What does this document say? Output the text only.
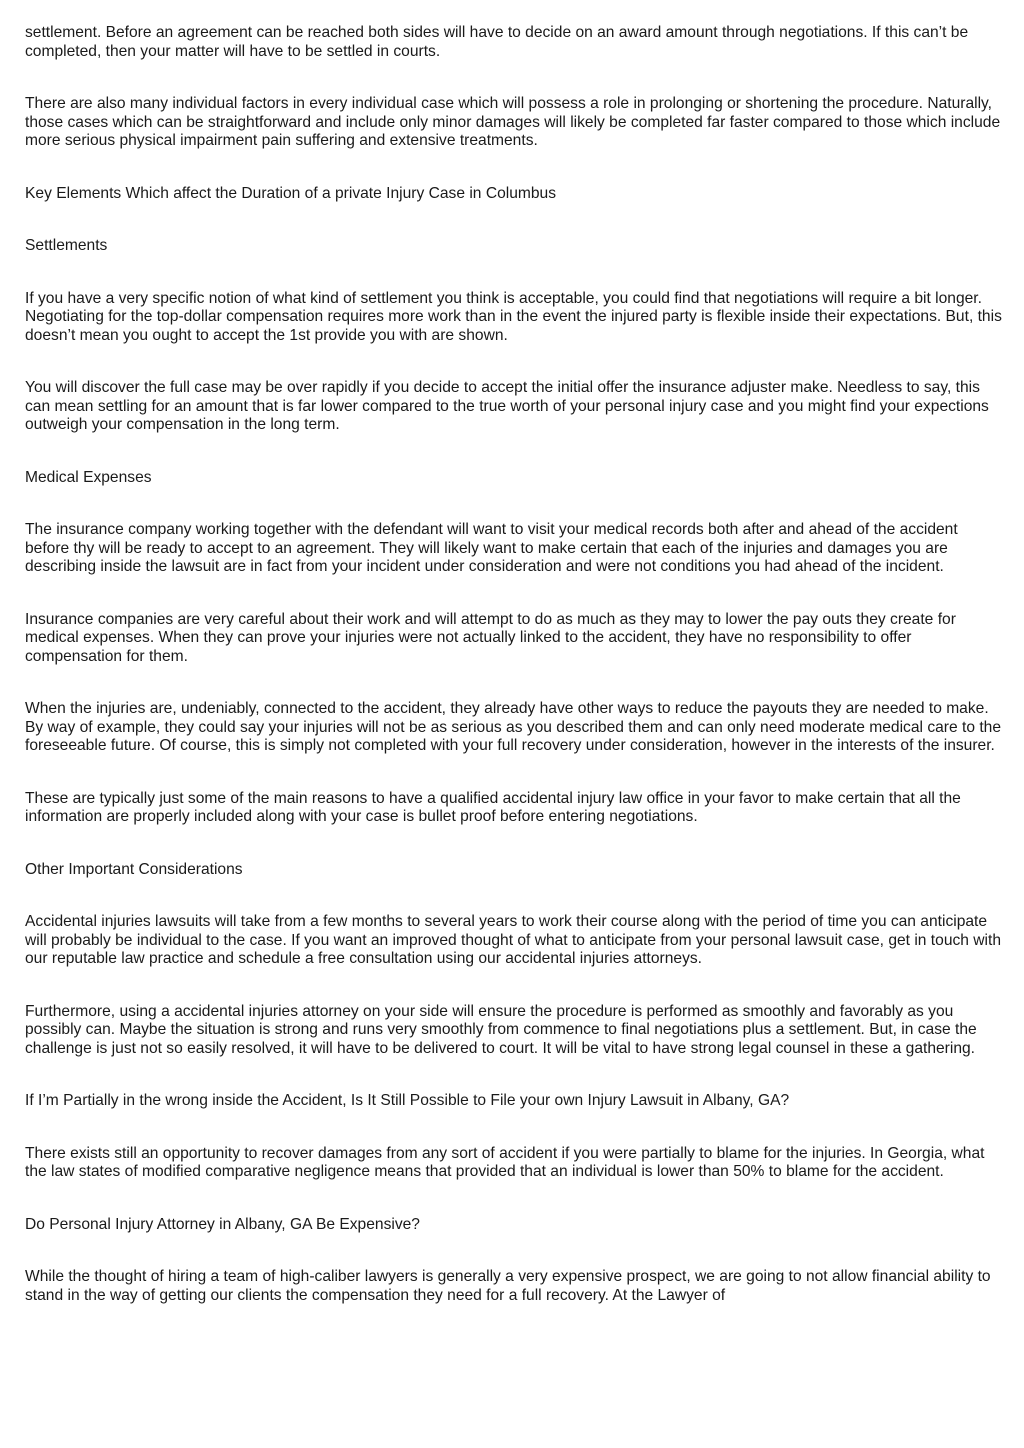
settlement. Before an agreement can be reached both sides will have to decide on an award amount through negotiations. If this can’t be completed, then your matter will have to be settled in courts.

There are also many individual factors in every individual case which will possess a role in prolonging or shortening the procedure. Naturally, those cases which can be straightforward and include only minor damages will likely be completed far faster compared to those which include more serious physical impairment pain suffering and extensive treatments.

Key Elements Which affect the Duration of a private Injury Case in Columbus

Settlements

If you have a very specific notion of what kind of settlement you think is acceptable, you could find that negotiations will require a bit longer. Negotiating for the top-dollar compensation requires more work than in the event the injured party is flexible inside their expectations. But, this doesn’t mean you ought to accept the 1st provide you with are shown.

You will discover the full case may be over rapidly if you decide to accept the initial offer the insurance adjuster make. Needless to say, this can mean settling for an amount that is far lower compared to the true worth of your personal injury case and you might find your expections outweigh your compensation in the long term.

Medical Expenses

The insurance company working together with the defendant will want to visit your medical records both after and ahead of the accident before thy will be ready to accept to an agreement. They will likely want to make certain that each of the injuries and damages you are describing inside the lawsuit are in fact from your incident under consideration and were not conditions you had ahead of the incident.

Insurance companies are very careful about their work and will attempt to do as much as they may to lower the pay outs they create for medical expenses. When they can prove your injuries were not actually linked to the accident, they have no responsibility to offer compensation for them.

When the injuries are, undeniably, connected to the accident, they already have other ways to reduce the payouts they are needed to make. By way of example, they could say your injuries will not be as serious as you described them and can only need moderate medical care to the foreseeable future. Of course, this is simply not completed with your full recovery under consideration, however in the interests of the insurer.

These are typically just some of the main reasons to have a qualified accidental injury law office in your favor to make certain that all the information are properly included along with your case is bullet proof before entering negotiations.

Other Important Considerations

Accidental injuries lawsuits will take from a few months to several years to work their course along with the period of time you can anticipate will probably be individual to the case. If you want an improved thought of what to anticipate from your personal lawsuit case, get in touch with our reputable law practice and schedule a free consultation using our accidental injuries attorneys.

Furthermore, using a accidental injuries attorney on your side will ensure the procedure is performed as smoothly and favorably as you possibly can. Maybe the situation is strong and runs very smoothly from commence to final negotiations plus a settlement. But, in case the challenge is just not so easily resolved, it will have to be delivered to court. It will be vital to have strong legal counsel in these a gathering.

If I’m Partially in the wrong inside the Accident, Is It Still Possible to File your own Injury Lawsuit in Albany, GA?

There exists still an opportunity to recover damages from any sort of accident if you were partially to blame for the injuries. In Georgia, what the law states of modified comparative negligence means that provided that an individual is lower than 50% to blame for the accident.

Do Personal Injury Attorney in Albany, GA Be Expensive?

While the thought of hiring a team of high-caliber lawyers is generally a very expensive prospect, we are going to not allow financial ability to stand in the way of getting our clients the compensation they need for a full recovery. At the Lawyer of
